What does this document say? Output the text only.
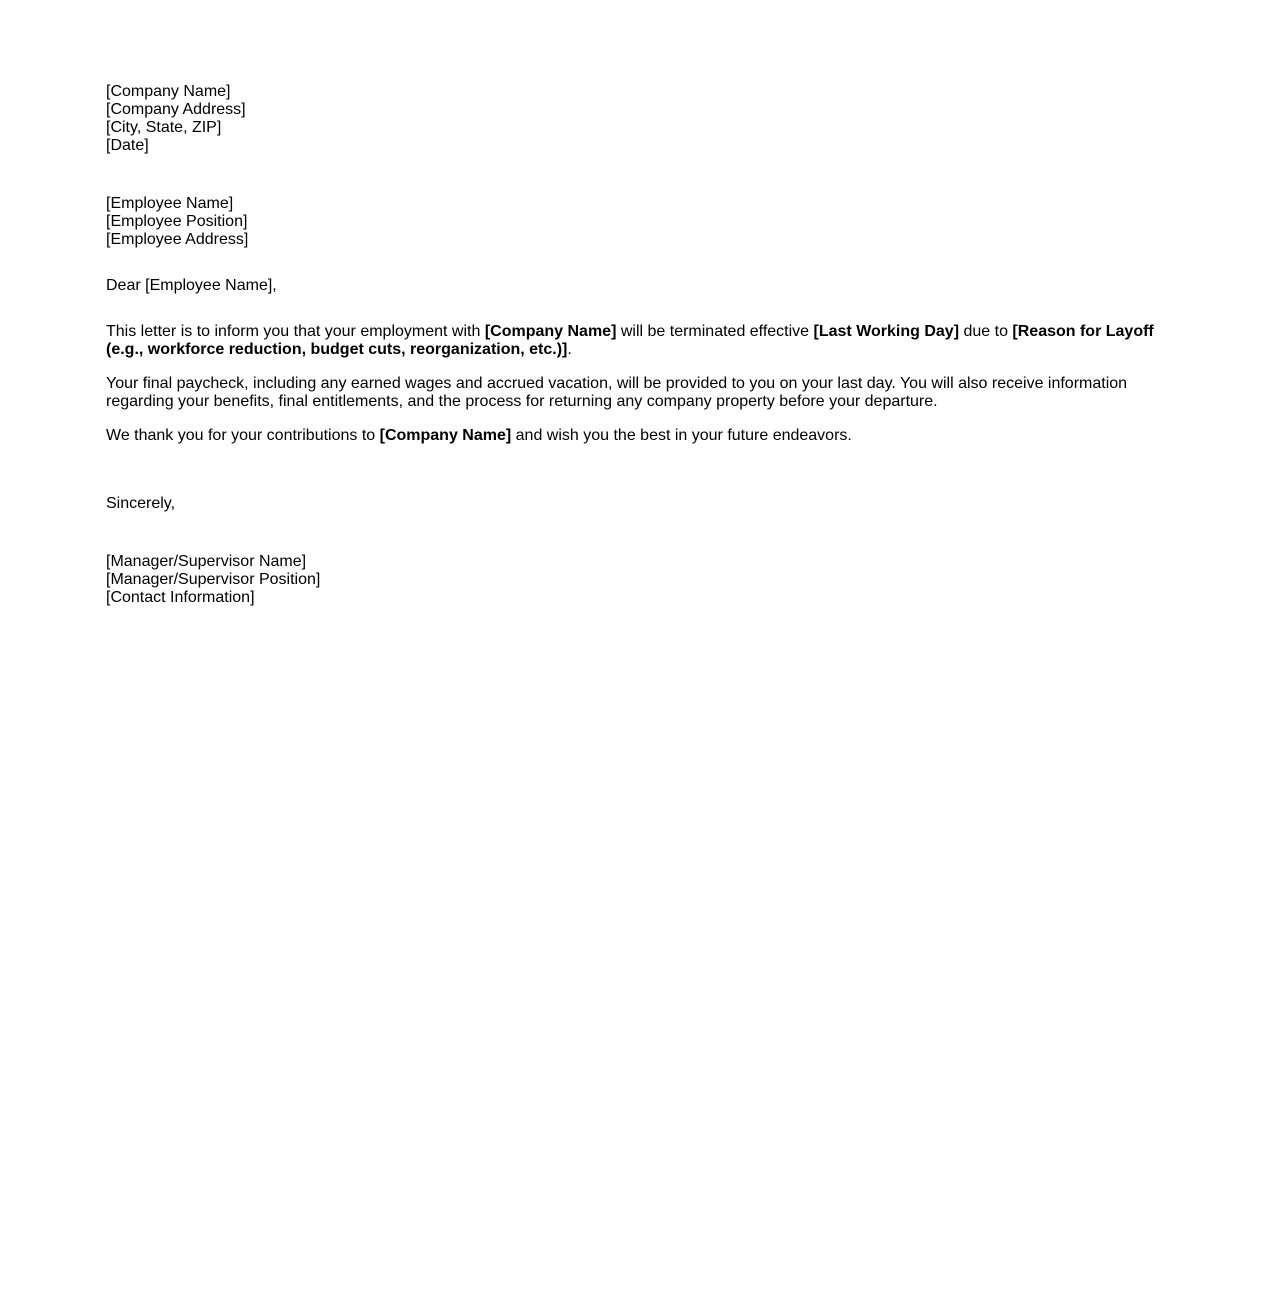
[Company Name]
[Company Address]
[City, State, ZIP]
[Date]
[Employee Name]
[Employee Position]
[Employee Address]
Dear [Employee Name],

This letter is to inform you that your employment with [Company Name] will be terminated effective [Last Working Day] due to [Reason for Layoff (e.g., workforce reduction, budget cuts, reorganization, etc.)].

Your final paycheck, including any earned wages and accrued vacation, will be provided to you on your last day. You will also receive information regarding your benefits, final entitlements, and the process for returning any company property before your departure.

We thank you for your contributions to [Company Name] and wish you the best in your future endeavors.

Sincerely,
[Manager/Supervisor Name]
[Manager/Supervisor Position]
[Contact Information]
